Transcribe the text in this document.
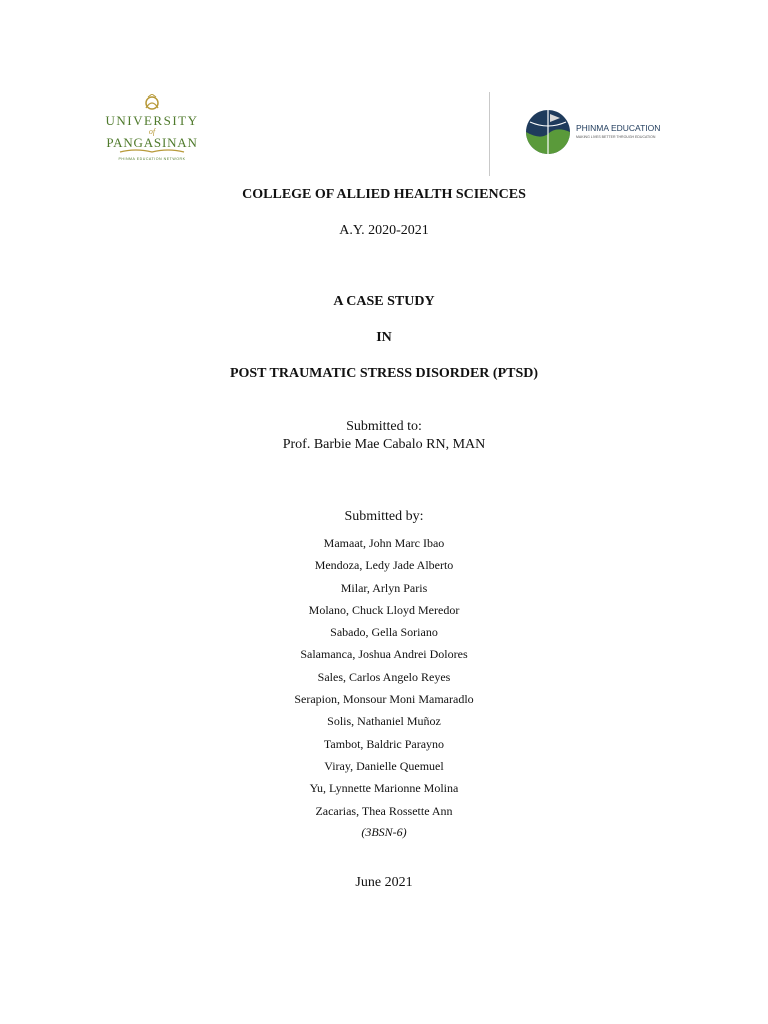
UNIVERSITY
of
PANGASINAN
PHINMA EDUCATION NETWORK
PHINMA EDUCATION
MAKING LIVES BETTER THROUGH EDUCATION
COLLEGE OF ALLIED HEALTH SCIENCES
A.Y. 2020-2021
A CASE STUDY
IN
POST TRAUMATIC STRESS DISORDER (PTSD)
Submitted to:
Prof. Barbie Mae Cabalo RN, MAN
Submitted by:
Mamaat, John Marc Ibao
Mendoza, Ledy Jade Alberto
Milar, Arlyn Paris
Molano, Chuck Lloyd Meredor
Sabado, Gella Soriano
Salamanca, Joshua Andrei Dolores
Sales, Carlos Angelo Reyes
Serapion, Monsour Moni Mamaradlo
Solis, Nathaniel Muñoz
Tambot, Baldric Parayno
Viray, Danielle Quemuel
Yu, Lynnette Marionne Molina
Zacarias, Thea Rossette Ann
(3BSN-6)
June 2021
